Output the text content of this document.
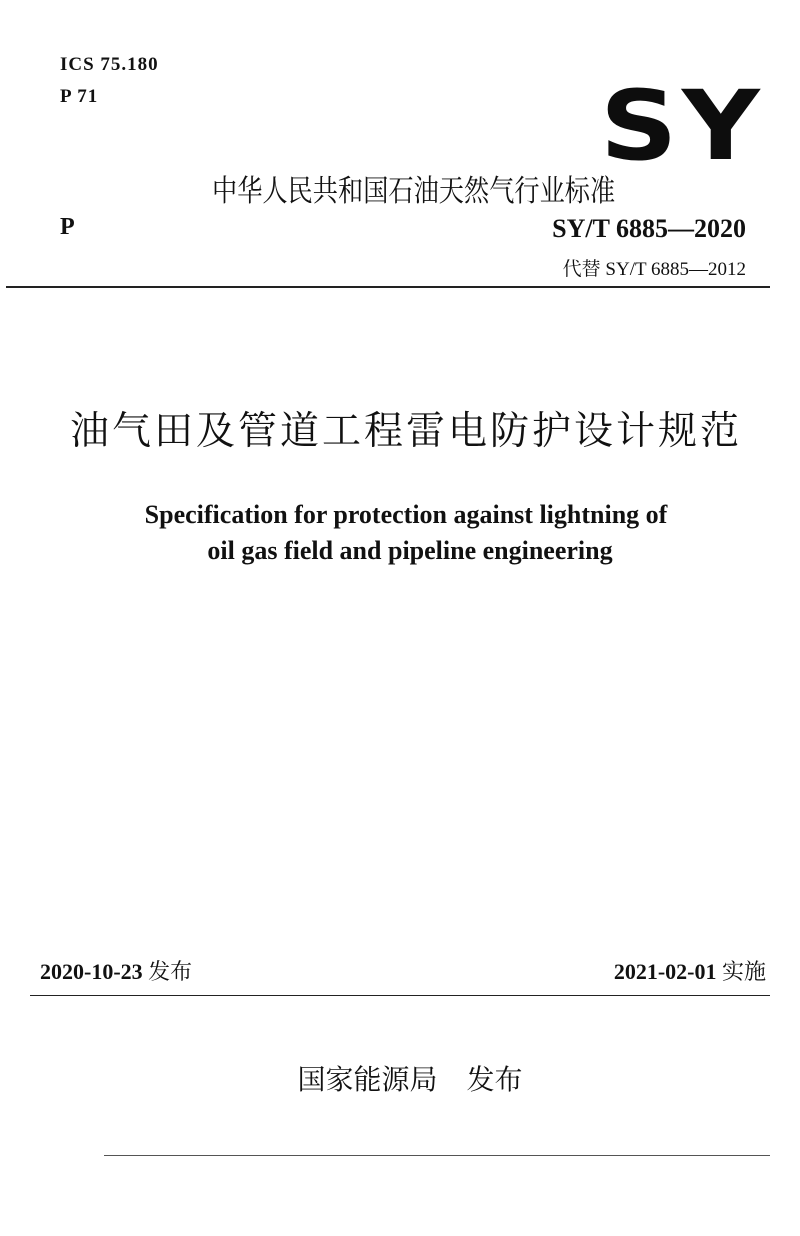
ICS 75.180
P 71	SY
中华人民共和国石油天然气行业标准
P	SY/T 6885—2020
代替 SY/T 6885—2012
油气田及管道工程雷电防护设计规范
Specification for protection against lightning of
oil gas field and pipeline engineering
2020-10-23 发布	2021-02-01 实施
国家能源局 发布
